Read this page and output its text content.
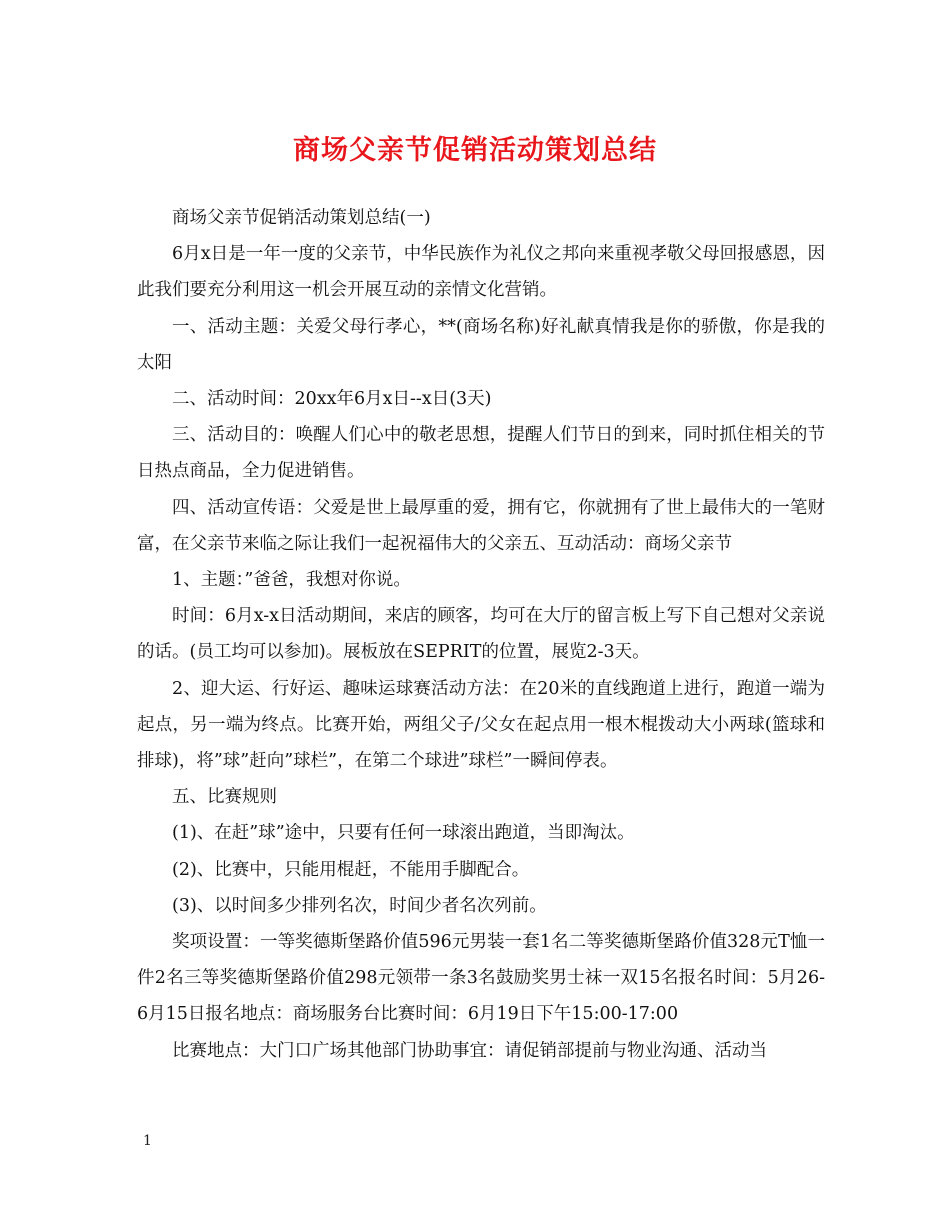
商场父亲节促销活动策划总结

商场父亲节促销活动策划总结(一)

6月x日是一年一度的父亲节，中华民族作为礼仪之邦向来重视孝敬父母回报感恩，因此我们要充分利用这一机会开展互动的亲情文化营销。

一、活动主题：关爱父母行孝心，**(商场名称)好礼献真情我是你的骄傲，你是我的太阳

二、活动时间：20xx年6月x日--x日(3天)

三、活动目的：唤醒人们心中的敬老思想，提醒人们节日的到来，同时抓住相关的节日热点商品，全力促进销售。

四、活动宣传语：父爱是世上最厚重的爱，拥有它，你就拥有了世上最伟大的一笔财富，在父亲节来临之际让我们一起祝福伟大的父亲五、互动活动：商场父亲节

1、主题：”爸爸，我想对你说。

时间：6月x-x日活动期间，来店的顾客，均可在大厅的留言板上写下自己想对父亲说的话。(员工均可以参加)。展板放在SEPRIT的位置，展览2-3天。

2、迎大运、行好运、趣味运球赛活动方法：在20米的直线跑道上进行，跑道一端为起点，另一端为终点。比赛开始，两组父子/父女在起点用一根木棍拨动大小两球(篮球和排球)，将”球”赶向”球栏”，在第二个球进”球栏”一瞬间停表。

五、比赛规则

(1)、在赶”球”途中，只要有任何一球滚出跑道，当即淘汰。

(2)、比赛中，只能用棍赶，不能用手脚配合。

(3)、以时间多少排列名次，时间少者名次列前。

奖项设置：一等奖德斯堡路价值596元男装一套1名二等奖德斯堡路价值328元T恤一件2名三等奖德斯堡路价值298元领带一条3名鼓励奖男士袜一双15名报名时间：5月26-6月15日报名地点：商场服务台比赛时间：6月19日下午15:00-17:00

比赛地点：大门口广场其他部门协助事宜：请促销部提前与物业沟通、活动当

1
